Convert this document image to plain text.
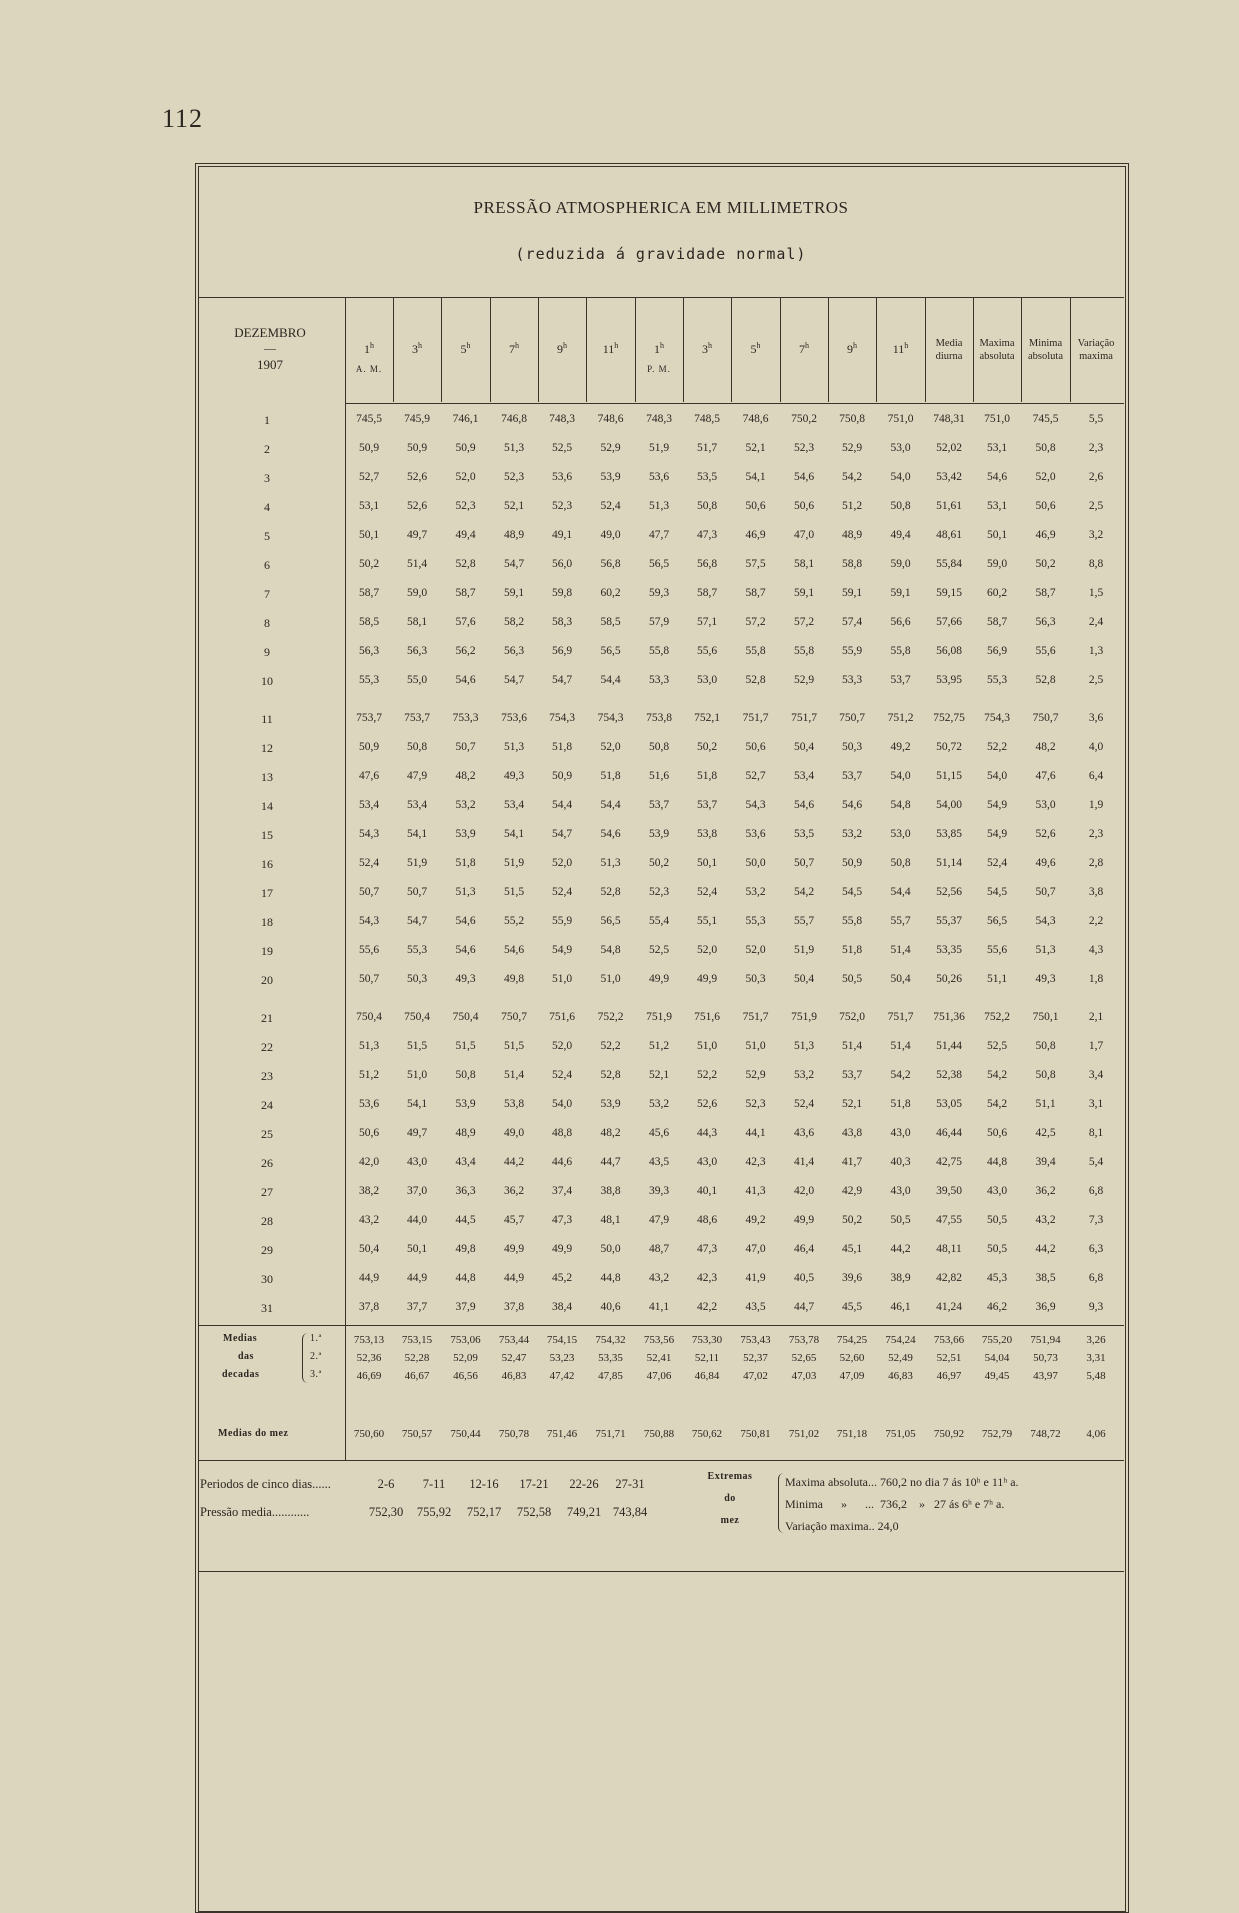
112
PRESSÃO ATMOSPHERICA EM MILLIMETROS
(reduzida á gravidade normal)
DEZEMBRO
—
1907
1$^h$	3$^h$	5$^h$	7$^h$	9$^h$	11$^h$	1$^h$	3$^h$	5$^h$	7$^h$	9$^h$	11$^h$
A. M.	P. M.
Media
diurna
Maxima
absoluta
Minima
absoluta
Variação
maxima
1	745,5	745,9	746,1	746,8	748,3	748,6	748,3	748,5	748,6	750,2	750,8	751,0	748,31	751,0	745,5	5,5
2	50,9	50,9	50,9	51,3	52,5	52,9	51,9	51,7	52,1	52,3	52,9	53,0	52,02	53,1	50,8	2,3
3	52,7	52,6	52,0	52,3	53,6	53,9	53,6	53,5	54,1	54,6	54,2	54,0	53,42	54,6	52,0	2,6
4	53,1	52,6	52,3	52,1	52,3	52,4	51,3	50,8	50,6	50,6	51,2	50,8	51,61	53,1	50,6	2,5
5	50,1	49,7	49,4	48,9	49,1	49,0	47,7	47,3	46,9	47,0	48,9	49,4	48,61	50,1	46,9	3,2
6	50,2	51,4	52,8	54,7	56,0	56,8	56,5	56,8	57,5	58,1	58,8	59,0	55,84	59,0	50,2	8,8
7	58,7	59,0	58,7	59,1	59,8	60,2	59,3	58,7	58,7	59,1	59,1	59,1	59,15	60,2	58,7	1,5
8	58,5	58,1	57,6	58,2	58,3	58,5	57,9	57,1	57,2	57,2	57,4	56,6	57,66	58,7	56,3	2,4
9	56,3	56,3	56,2	56,3	56,9	56,5	55,8	55,6	55,8	55,8	55,9	55,8	56,08	56,9	55,6	1,3
10	55,3	55,0	54,6	54,7	54,7	54,4	53,3	53,0	52,8	52,9	53,3	53,7	53,95	55,3	52,8	2,5
11	753,7	753,7	753,3	753,6	754,3	754,3	753,8	752,1	751,7	751,7	750,7	751,2	752,75	754,3	750,7	3,6
12	50,9	50,8	50,7	51,3	51,8	52,0	50,8	50,2	50,6	50,4	50,3	49,2	50,72	52,2	48,2	4,0
13	47,6	47,9	48,2	49,3	50,9	51,8	51,6	51,8	52,7	53,4	53,7	54,0	51,15	54,0	47,6	6,4
14	53,4	53,4	53,2	53,4	54,4	54,4	53,7	53,7	54,3	54,6	54,6	54,8	54,00	54,9	53,0	1,9
15	54,3	54,1	53,9	54,1	54,7	54,6	53,9	53,8	53,6	53,5	53,2	53,0	53,85	54,9	52,6	2,3
16	52,4	51,9	51,8	51,9	52,0	51,3	50,2	50,1	50,0	50,7	50,9	50,8	51,14	52,4	49,6	2,8
17	50,7	50,7	51,3	51,5	52,4	52,8	52,3	52,4	53,2	54,2	54,5	54,4	52,56	54,5	50,7	3,8
18	54,3	54,7	54,6	55,2	55,9	56,5	55,4	55,1	55,3	55,7	55,8	55,7	55,37	56,5	54,3	2,2
19	55,6	55,3	54,6	54,6	54,9	54,8	52,5	52,0	52,0	51,9	51,8	51,4	53,35	55,6	51,3	4,3
20	50,7	50,3	49,3	49,8	51,0	51,0	49,9	49,9	50,3	50,4	50,5	50,4	50,26	51,1	49,3	1,8
21	750,4	750,4	750,4	750,7	751,6	752,2	751,9	751,6	751,7	751,9	752,0	751,7	751,36	752,2	750,1	2,1
22	51,3	51,5	51,5	51,5	52,0	52,2	51,2	51,0	51,0	51,3	51,4	51,4	51,44	52,5	50,8	1,7
23	51,2	51,0	50,8	51,4	52,4	52,8	52,1	52,2	52,9	53,2	53,7	54,2	52,38	54,2	50,8	3,4
24	53,6	54,1	53,9	53,8	54,0	53,9	53,2	52,6	52,3	52,4	52,1	51,8	53,05	54,2	51,1	3,1
25	50,6	49,7	48,9	49,0	48,8	48,2	45,6	44,3	44,1	43,6	43,8	43,0	46,44	50,6	42,5	8,1
26	42,0	43,0	43,4	44,2	44,6	44,7	43,5	43,0	42,3	41,4	41,7	40,3	42,75	44,8	39,4	5,4
27	38,2	37,0	36,3	36,2	37,4	38,8	39,3	40,1	41,3	42,0	42,9	43,0	39,50	43,0	36,2	6,8
28	43,2	44,0	44,5	45,7	47,3	48,1	47,9	48,6	49,2	49,9	50,2	50,5	47,55	50,5	43,2	7,3
29	50,4	50,1	49,8	49,9	49,9	50,0	48,7	47,3	47,0	46,4	45,1	44,2	48,11	50,5	44,2	6,3
30	44,9	44,9	44,8	44,9	45,2	44,8	43,2	42,3	41,9	40,5	39,6	38,9	42,82	45,3	38,5	6,8
31	37,8	37,7	37,9	37,8	38,4	40,6	41,1	42,2	43,5	44,7	45,5	46,1	41,24	46,2	36,9	9,3
753,13	753,15	753,06	753,44	754,15	754,32	753,56	753,30	753,43	753,78	754,25	754,24	753,66	755,20	751,94	3,26
52,36	52,28	52,09	52,47	53,23	53,35	52,41	52,11	52,37	52,65	52,60	52,49	52,51	54,04	50,73	3,31
46,69	46,67	46,56	46,83	47,42	47,85	47,06	46,84	47,02	47,03	47,09	46,83	46,97	49,45	43,97	5,48
750,60	750,57	750,44	750,78	751,46	751,71	750,88	750,62	750,81	751,02	751,18	751,05	750,92	752,79	748,72	4,06
Medias
das
decadas
1.ª
2.ª
3.ª
Medias do mez
Periodos de cinco dias......
Pressão media............
2-6	7-11	12-16	17-21	22-26	27-31
752,30	755,92	752,17	752,58	749,21 743,84
Extremas
do
mez
Maxima absoluta... 760,2 no dia 7 ás 10ʰ e 11ʰ a.
Minima      »      ...  736,2    »   27 ás 6ʰ e 7ʰ a.
Variação maxima.. 24,0
